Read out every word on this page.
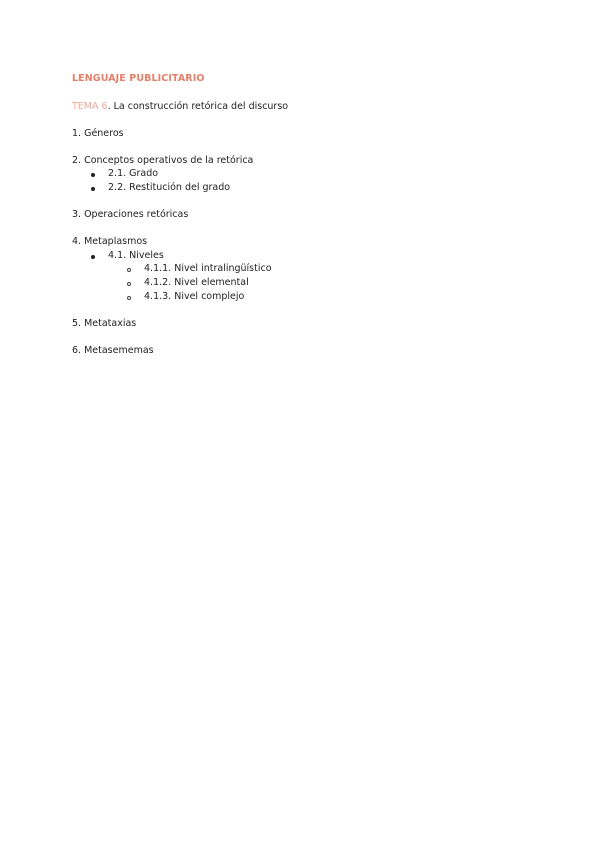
LENGUAJE PUBLICITARIO
TEMA 6. La construcción retórica del discurso
1. Géneros
2. Conceptos operativos de la retórica
2.1. Grado
2.2. Restitución del grado
3. Operaciones retóricas
4. Metaplasmos
4.1. Niveles
4.1.1. Nivel intralingüístico
4.1.2. Nivel elemental
4.1.3. Nivel complejo
5. Metataxias
6. Metasememas
